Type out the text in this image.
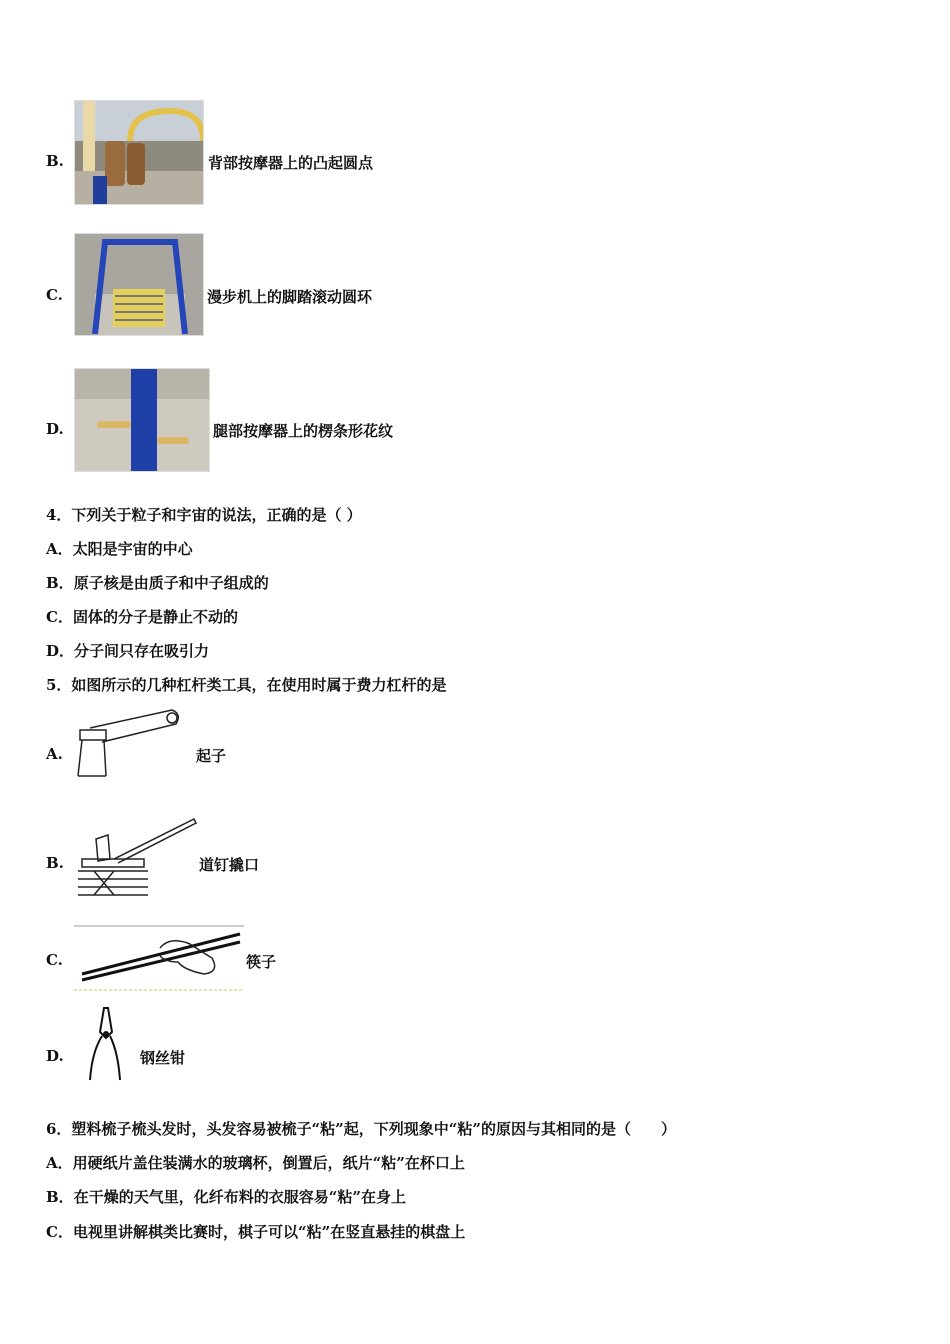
B.	背部按摩器上的凸起圆点
C.	漫步机上的脚踏滚动圆环
D.	腿部按摩器上的楞条形花纹
4．下列关于粒子和宇宙的说法，正确的是（ ）
A．太阳是宇宙的中心
B．原子核是由质子和中子组成的
C．固体的分子是静止不动的
D．分子间只存在吸引力
5．如图所示的几种杠杆类工具，在使用时属于费力杠杆的是
A.	起子
B.	道钉撬口
C.	筷子
D.	钢丝钳
6．塑料梳子梳头发时，头发容易被梳子“粘”起，下列现象中“粘”的原因与其相同的是（　　）
A．用硬纸片盖住装满水的玻璃杯，倒置后，纸片“粘”在杯口上
B．在干燥的天气里，化纤布料的衣服容易“粘”在身上
C．电视里讲解棋类比赛时，棋子可以“粘”在竖直悬挂的棋盘上
